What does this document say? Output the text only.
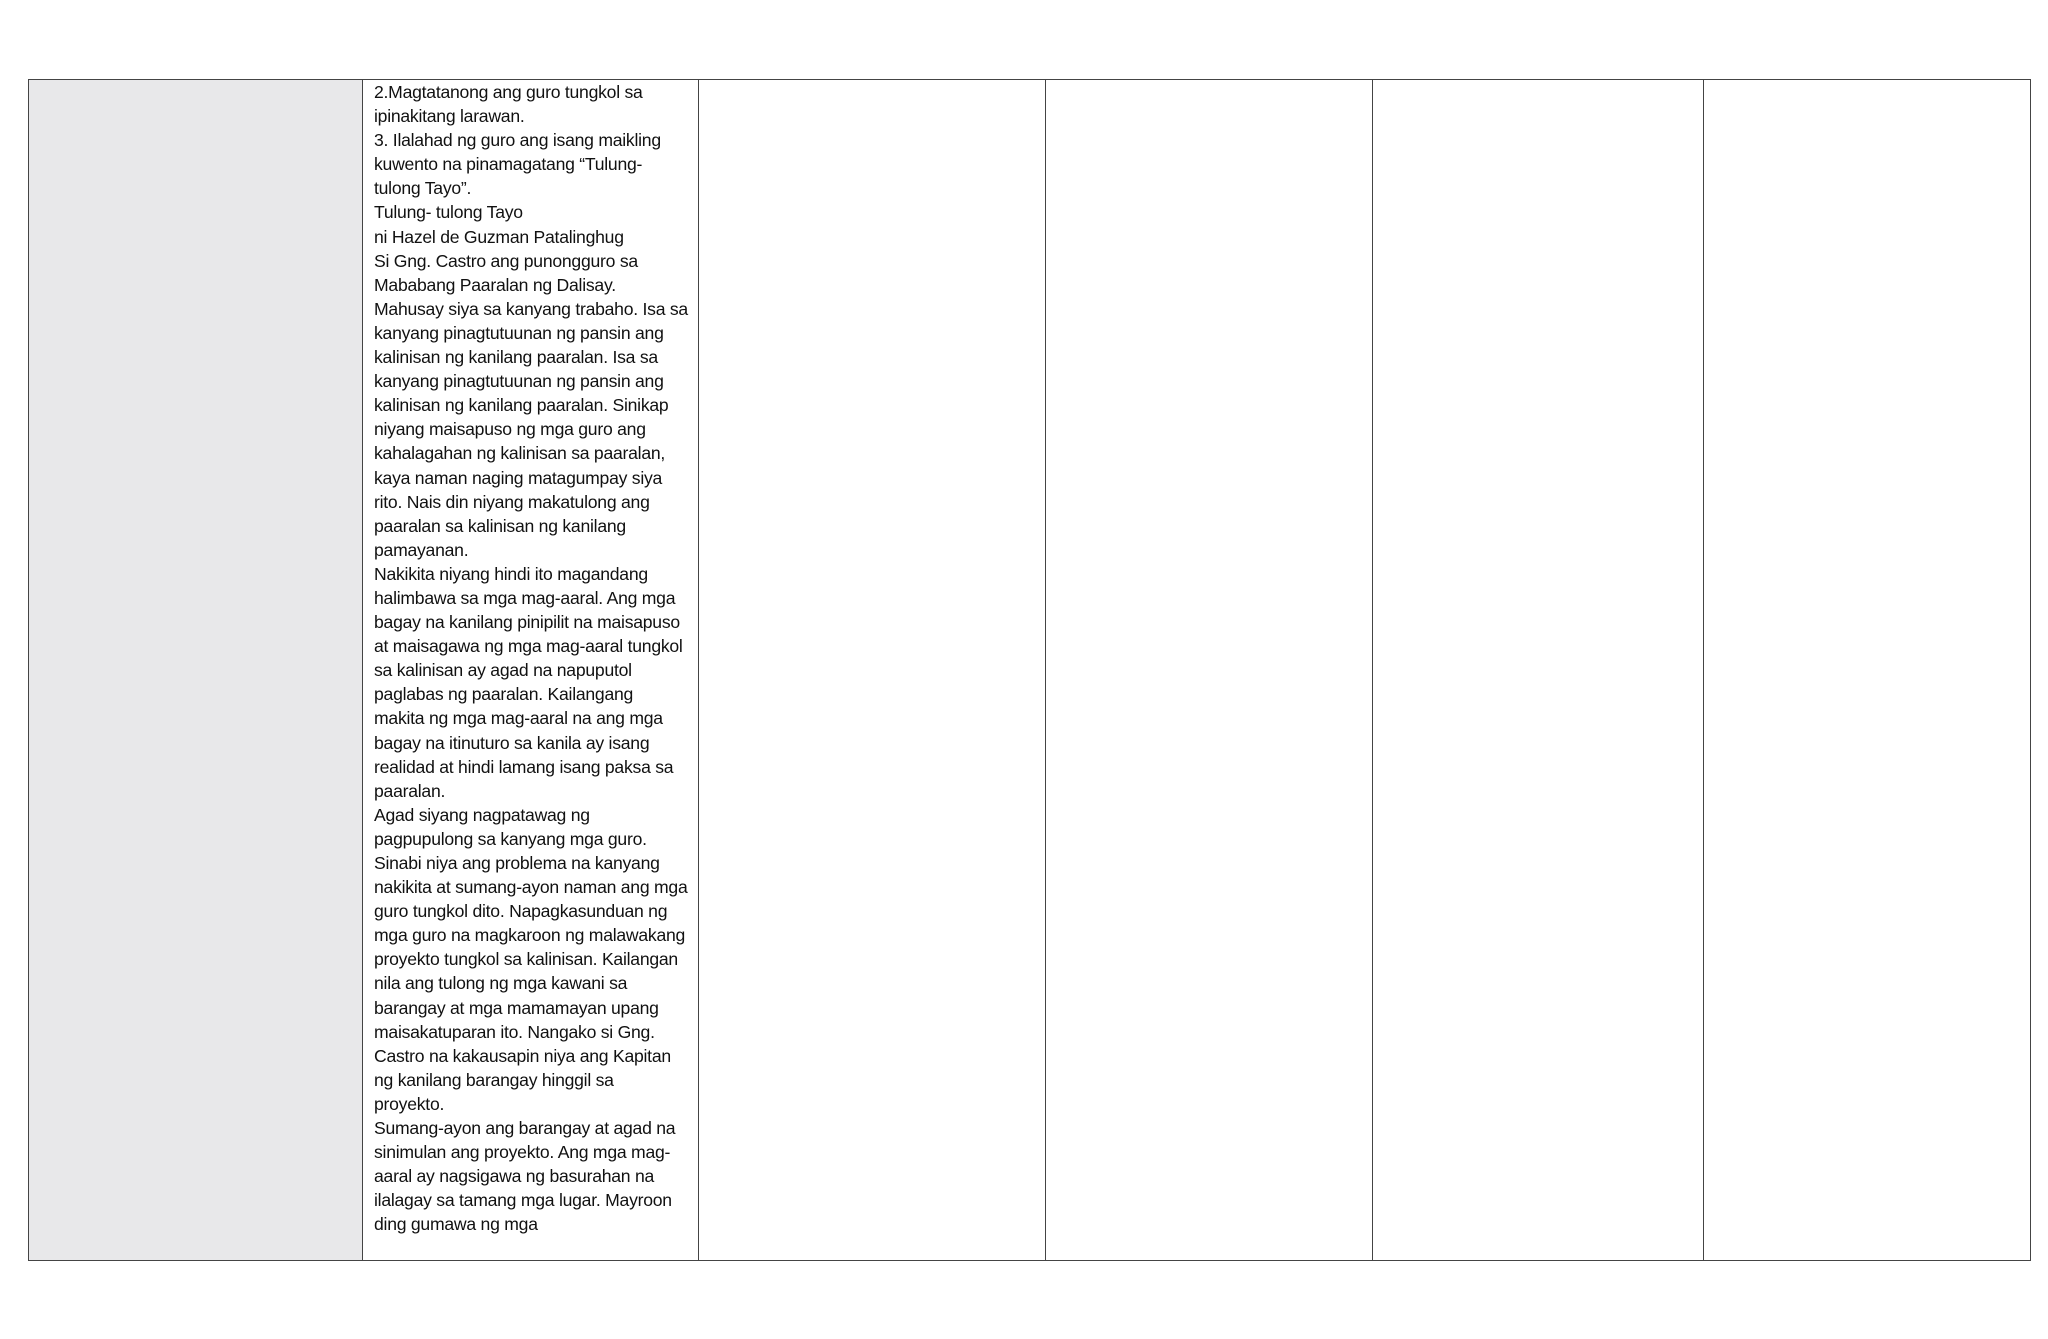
2.Magtatanong ang guro tungkol sa ipinakitang larawan.

3. Ilalahad ng guro ang isang maikling kuwento na pinamagatang “Tulung-tulong Tayo”.

Tulung- tulong Tayo

ni Hazel de Guzman Patalinghug

Si Gng. Castro ang punongguro sa Mababang Paaralan ng Dalisay. Mahusay siya sa kanyang trabaho. Isa sa kanyang pinagtutuunan ng pansin ang kalinisan ng kanilang paaralan. Isa sa kanyang pinagtutuunan ng pansin ang kalinisan ng kanilang paaralan. Sinikap niyang maisapuso ng mga guro ang kahalagahan ng kalinisan sa paaralan, kaya naman naging matagumpay siya rito. Nais din niyang makatulong ang paaralan sa kalinisan ng kanilang pamayanan.

Nakikita niyang hindi ito magandang halimbawa sa mga mag-aaral. Ang mga bagay na kanilang pinipilit na maisapuso at maisagawa ng mga mag-aaral tungkol sa kalinisan ay agad na napuputol paglabas ng paaralan. Kailangang makita ng mga mag-aaral na ang mga bagay na itinuturo sa kanila ay isang realidad at hindi lamang isang paksa sa paaralan.

Agad siyang nagpatawag ng pagpupulong sa kanyang mga guro. Sinabi niya ang problema na kanyang nakikita at sumang-ayon naman ang mga guro tungkol dito. Napagkasunduan ng mga guro na magkaroon ng malawakang proyekto tungkol sa kalinisan. Kailangan nila ang tulong ng mga kawani sa barangay at mga mamamayan upang maisakatuparan ito. Nangako si Gng. Castro na kakausapin niya ang Kapitan ng kanilang barangay hinggil sa proyekto.

Sumang-ayon ang barangay at agad na sinimulan ang proyekto. Ang mga mag-aaral ay nagsigawa ng basurahan na ilalagay sa tamang mga lugar. Mayroon ding gumawa ng mga
